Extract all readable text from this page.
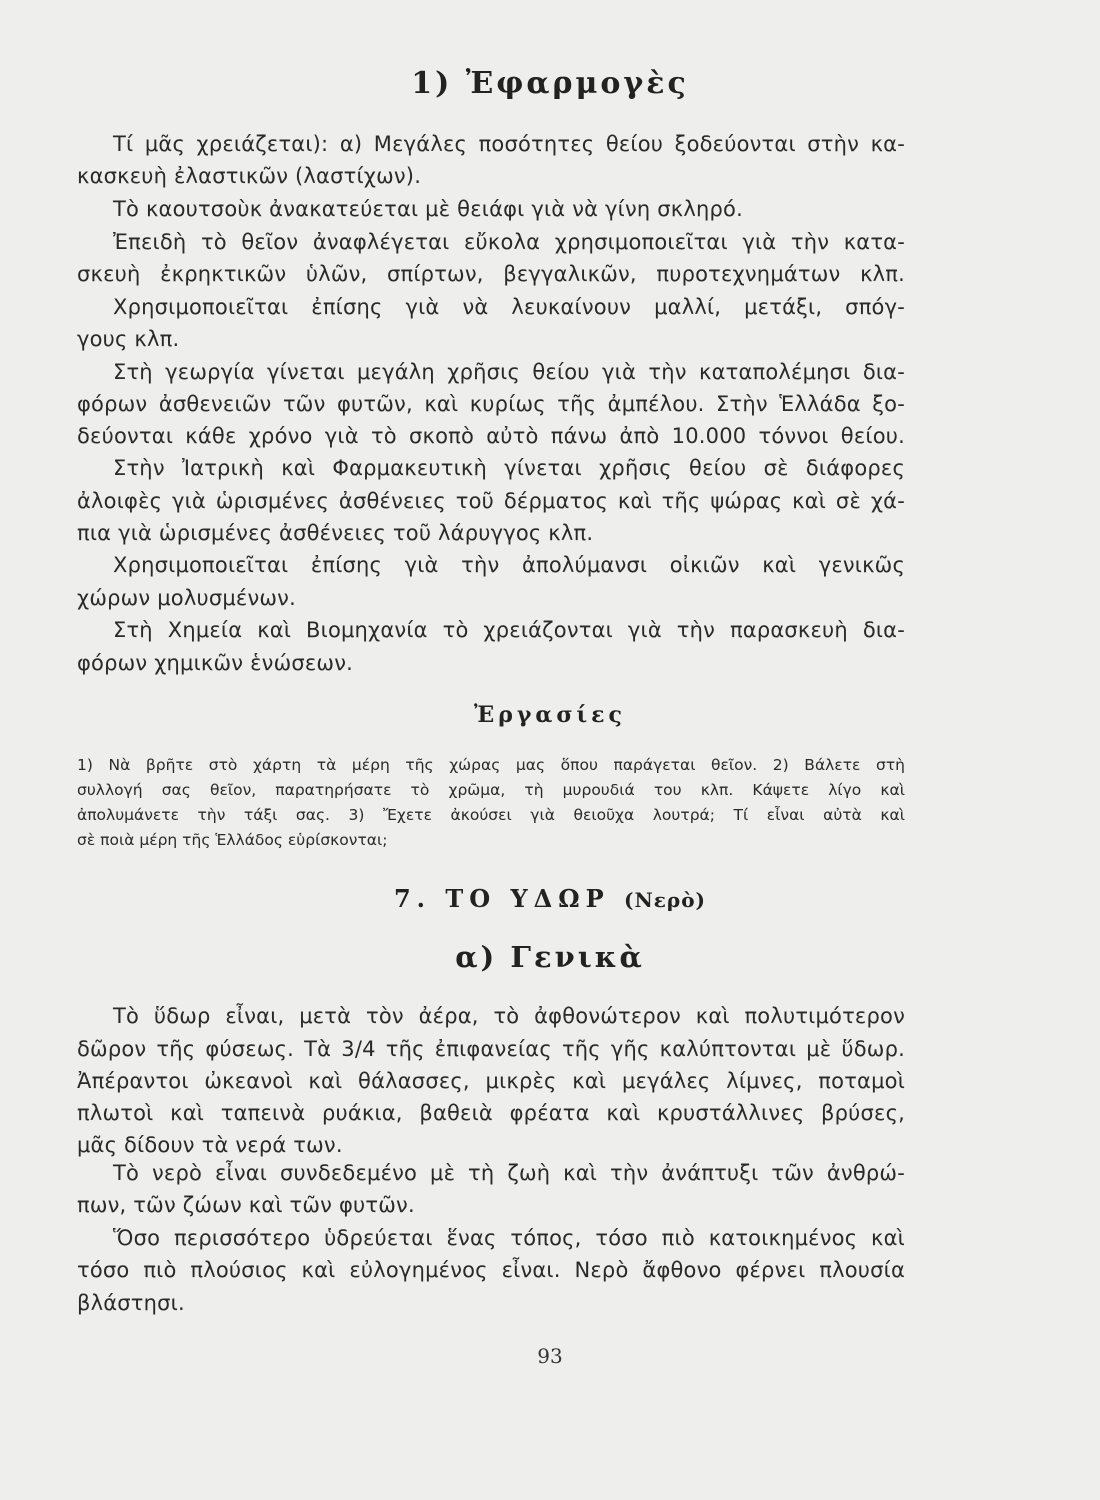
1) Ἐφαρμογὲς
Τί μᾶς χρειάζεται): α) Μεγάλες ποσότητες θείου ξοδεύονται στὴν κα-
κασκευὴ ἐλαστικῶν (λαστίχων).
Τὸ καουτσοὺκ ἀνακατεύεται μὲ θειάφι γιὰ νὰ γίνη σκληρό.
Ἐπειδὴ τὸ θεῖον ἀναφλέγεται εὔκολα χρησιμοποιεῖται γιὰ τὴν κατα-
σκευὴ ἐκρηκτικῶν ὑλῶν, σπίρτων, βεγγαλικῶν, πυροτεχνημάτων κλπ.
Χρησιμοποιεῖται ἐπίσης γιὰ νὰ λευκαίνουν μαλλί, μετάξι, σπόγ-
γους κλπ.
Στὴ γεωργία γίνεται μεγάλη χρῆσις θείου γιὰ τὴν καταπολέμησι δια-
φόρων ἀσθενειῶν τῶν φυτῶν, καὶ κυρίως τῆς ἀμπέλου. Στὴν Ἑλλάδα ξο-
δεύονται κάθε χρόνο γιὰ τὸ σκοπὸ αὐτὸ πάνω ἀπὸ 10.000 τόννοι θείου.
Στὴν Ἰατρικὴ καὶ Φαρμακευτικὴ γίνεται χρῆσις θείου σὲ διάφορες
ἀλοιφὲς γιὰ ὡρισμένες ἀσθένειες τοῦ δέρματος καὶ τῆς ψώρας καὶ σὲ χά-
πια γιὰ ὡρισμένες ἀσθένειες τοῦ λάρυγγος κλπ.
Χρησιμοποιεῖται ἐπίσης γιὰ τὴν ἀπολύμανσι οἰκιῶν καὶ γενικῶς
χώρων μολυσμένων.
Στὴ Χημεία καὶ Βιομηχανία τὸ χρειάζονται γιὰ τὴν παρασκευὴ δια-
φόρων χημικῶν ἑνώσεων.
Ἐργασίες
1) Νὰ βρῆτε στὸ χάρτη τὰ μέρη τῆς χώρας μας ὅπου παράγεται θεῖον. 2) Βάλετε στὴ
συλλογή σας θεῖον, παρατηρήσατε τὸ χρῶμα, τὴ μυρουδιά του κλπ. Κάψετε λίγο καὶ
ἀπολυμάνετε τὴν τάξι σας. 3) Ἔχετε ἀκούσει γιὰ θειοῦχα λουτρά; Τί εἶναι αὐτὰ καὶ
σὲ ποιὰ μέρη τῆς Ἑλλάδος εὑρίσκονται;
7. ΤΟ ΥΔΩΡ (Νερὸ)
α) Γενικὰ
Τὸ ὕδωρ εἶναι, μετὰ τὸν ἀέρα, τὸ ἀφθονώτερον καὶ πολυτιμότερον
δῶρον τῆς φύσεως. Τὰ 3/4 τῆς ἐπιφανείας τῆς γῆς καλύπτονται μὲ ὕδωρ.
Ἀπέραντοι ὠκεανοὶ καὶ θάλασσες, μικρὲς καὶ μεγάλες λίμνες, ποταμοὶ
πλωτοὶ καὶ ταπεινὰ ρυάκια, βαθειὰ φρέατα καὶ κρυστάλλινες βρύσες,
μᾶς δίδουν τὰ νερά των.
Τὸ νερὸ εἶναι συνδεδεμένο μὲ τὴ ζωὴ καὶ τὴν ἀνάπτυξι τῶν ἀνθρώ-
πων, τῶν ζώων καὶ τῶν φυτῶν.
Ὅσο περισσότερο ὑδρεύεται ἕνας τόπος, τόσο πιὸ κατοικημένος καὶ
τόσο πιὸ πλούσιος καὶ εὐλογημένος εἶναι. Νερὸ ἄφθονο φέρνει πλουσία
βλάστησι.
93
